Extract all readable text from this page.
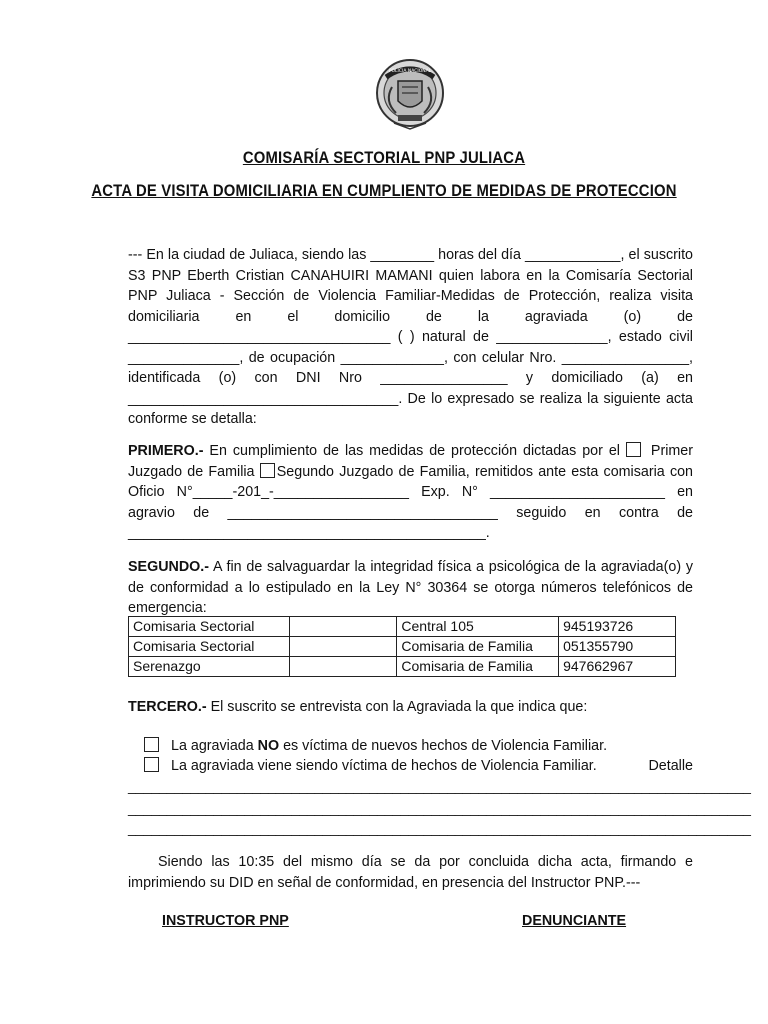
POLICIA NACIONAL
COMISARÍA SECTORIAL PNP JULIACA
ACTA DE VISITA DOMICILIARIA EN CUMPLIENTO DE MEDIDAS DE PROTECCION

--- En la ciudad de Juliaca, siendo las ________ horas del día ____________, el suscrito S3 PNP Eberth Cristian CANAHUIRI MAMANI quien labora en la Comisaría Sectorial PNP Juliaca - Sección de Violencia Familiar-Medidas de Protección, realiza visita domiciliaria en el domicilio de la agraviada (o) de _________________________________ ( ) natural de ______________, estado civil ______________, de ocupación _____________, con celular Nro. ________________, identificada (o) con DNI Nro ________________ y domiciliado (a) en __________________________________. De lo expresado se realiza la siguiente acta conforme se detalla:

PRIMERO.- En cumplimiento de las medidas de protección dictadas por el  Primer Juzgado de Familia Segundo Juzgado de Familia, remitidos ante esta comisaria con Oficio N°_____-201_-_________________ Exp. N° ______________________ en agravio de __________________________________ seguido en contra de _____________________________________________.

SEGUNDO.- A fin de salvaguardar la integridad física a psicológica de la agraviada(o) y de conformidad a lo estipulado en la Ley N° 30364 se otorga números telefónicos de emergencia:

Comisaria Sectorial		Central 105	945193726
Comisaria Sectorial		Comisaria de Familia	051355790
Serenazgo		Comisaria de Familia	947662967

TERCERO.- El suscrito se entrevista con la Agraviada la que indica que:

La agraviada NO es víctima de nuevos hechos de Violencia Familiar.
La agraviada viene siendo víctima de hechos de Violencia Familiar.	Detalle
________________________________________________________________________________
________________________________________________________________________________
________________________________________________________________________________

Siendo las 10:35 del mismo día se da por concluida dicha acta, firmando e imprimiendo su DID en señal de conformidad, en presencia del Instructor PNP.---

INSTRUCTOR PNP	DENUNCIANTE
